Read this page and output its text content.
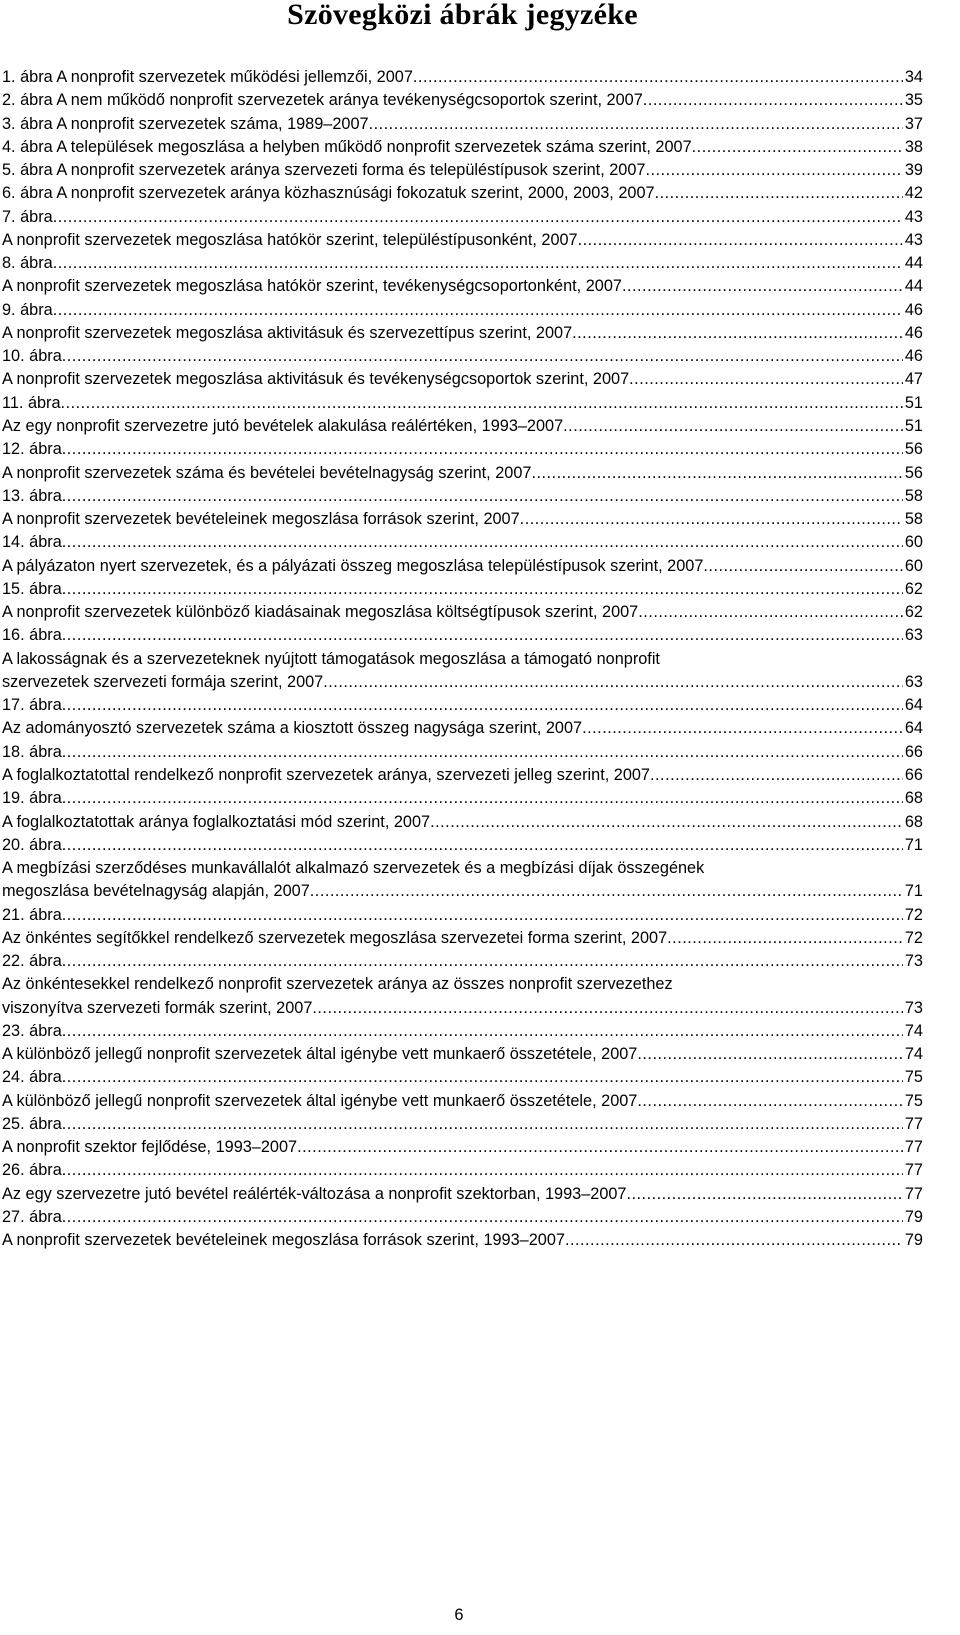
Szövegközi ábrák jegyzéke
1. ábra A nonprofit szervezetek működési jellemzői, 2007 .....	34
2. ábra A nem működő nonprofit szervezetek aránya tevékenységcsoportok szerint, 2007 .....	35
3. ábra A nonprofit szervezetek száma, 1989–2007 .....	37
4. ábra A települések megoszlása a helyben működő nonprofit szervezetek száma szerint, 2007 .....	38
5. ábra A nonprofit szervezetek aránya szervezeti forma és településtípusok szerint, 2007 .....	39
6. ábra A nonprofit szervezetek aránya közhasznúsági fokozatuk szerint, 2000, 2003, 2007 .....	42
7. ábra .....	43
A nonprofit szervezetek megoszlása hatókör szerint, településtípusonként, 2007 .....	43
8. ábra .....	44
A nonprofit szervezetek megoszlása hatókör szerint, tevékenységcsoportonként, 2007 .....	44
9. ábra .....	46
A nonprofit szervezetek megoszlása aktivitásuk és szervezettípus szerint, 2007 .....	46
10. ábra .....	46
A nonprofit szervezetek megoszlása aktivitásuk és tevékenységcsoportok szerint, 2007 .....	47
11. ábra .....	51
Az egy nonprofit szervezetre jutó bevételek alakulása reálértéken, 1993–2007 .....	51
12. ábra .....	56
A nonprofit szervezetek száma és bevételei bevételnagyság szerint, 2007 .....	56
13. ábra .....	58
A nonprofit szervezetek bevételeinek megoszlása források szerint, 2007 .....	58
14. ábra .....	60
A pályázaton nyert szervezetek, és a pályázati összeg megoszlása településtípusok szerint, 2007 .....	60
15. ábra .....	62
A nonprofit szervezetek különböző kiadásainak megoszlása költségtípusok szerint, 2007 .....	62
16. ábra .....	63
A lakosságnak és a szervezeteknek nyújtott támogatások megoszlása a támogató nonprofit
szervezetek szervezeti formája szerint, 2007 .....	63
17. ábra .....	64
Az adományosztó szervezetek száma a kiosztott összeg nagysága szerint, 2007 .....	64
18. ábra .....	66
A foglalkoztatottal rendelkező nonprofit szervezetek aránya, szervezeti jelleg szerint, 2007 .....	66
19. ábra .....	68
A foglalkoztatottak aránya foglalkoztatási mód szerint, 2007 .....	68
20. ábra .....	71
A megbízási szerződéses munkavállalót alkalmazó szervezetek és a megbízási díjak összegének
megoszlása bevételnagyság alapján, 2007 .....	71
21. ábra .....	72
Az önkéntes segítőkkel rendelkező szervezetek megoszlása szervezetei forma szerint, 2007 .....	72
22. ábra .....	73
Az önkéntesekkel rendelkező nonprofit szervezetek aránya az összes nonprofit szervezethez
viszonyítva szervezeti formák szerint, 2007 .....	73
23. ábra .....	74
A különböző jellegű nonprofit szervezetek által igénybe vett munkaerő összetétele, 2007 .....	74
24. ábra .....	75
A különböző jellegű nonprofit szervezetek által igénybe vett munkaerő összetétele, 2007 .....	75
25. ábra .....	77
A nonprofit szektor fejlődése, 1993–2007 .....	77
26. ábra .....	77
Az egy szervezetre jutó bevétel reálérték-változása a nonprofit szektorban, 1993–2007 .....	77
27. ábra .....	79
A nonprofit szervezetek bevételeinek megoszlása források szerint, 1993–2007 .....	79
6
